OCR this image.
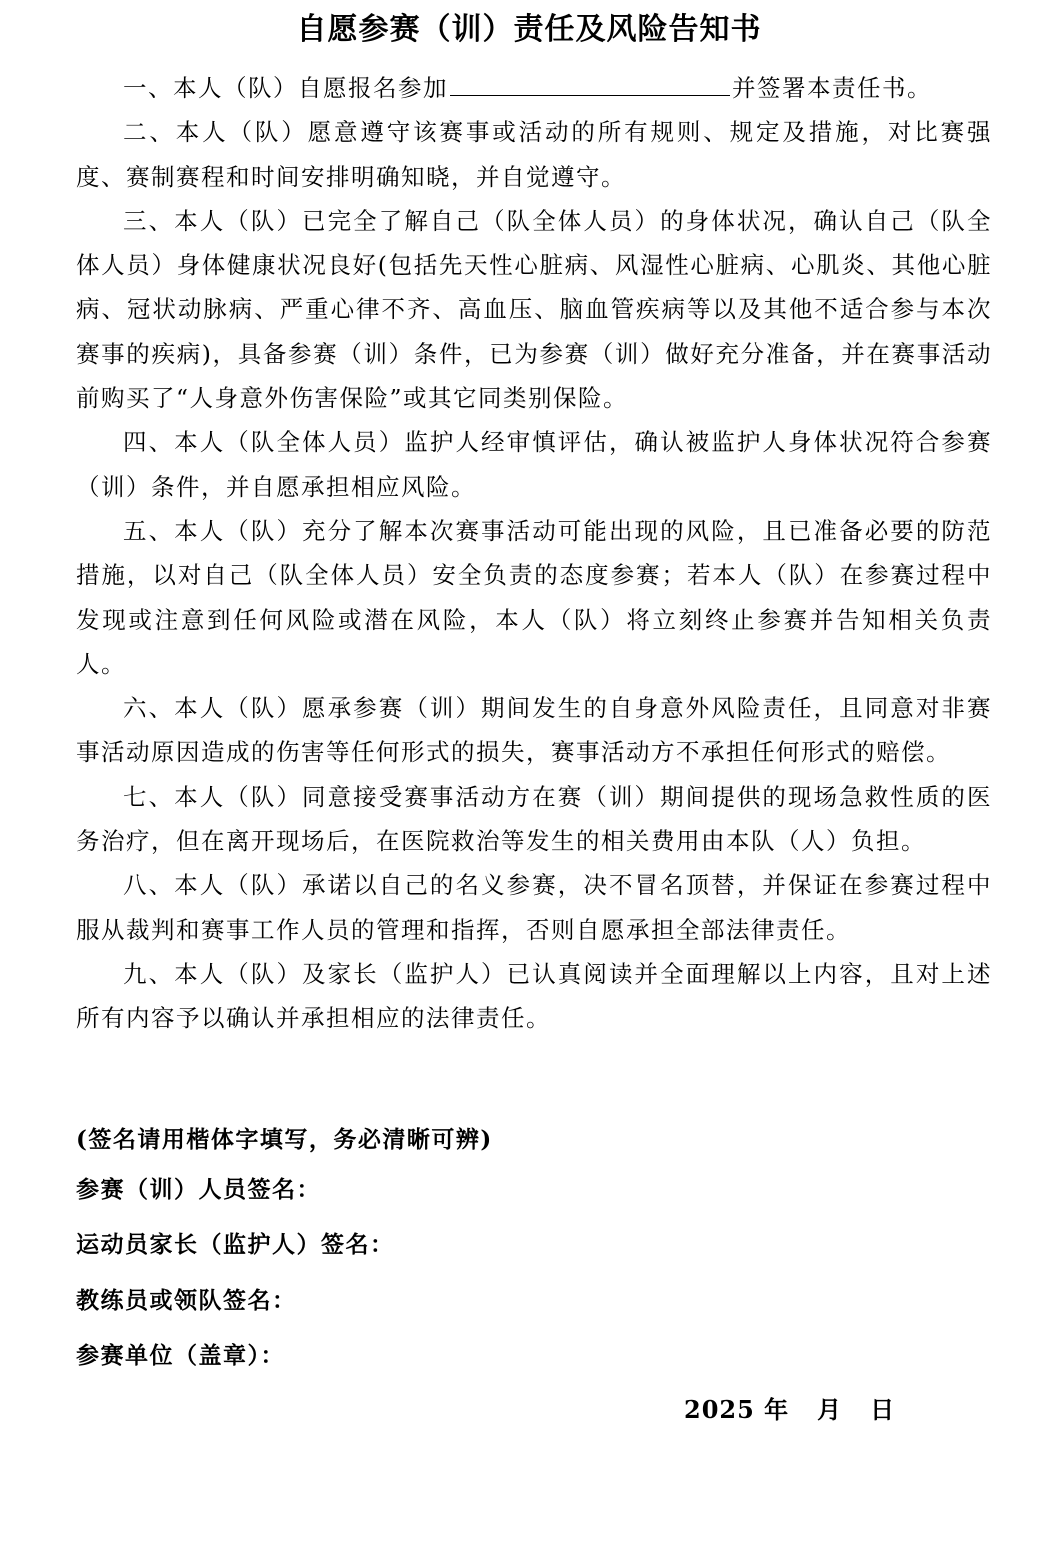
自愿参赛（训）责任及风险告知书

一、本人（队）自愿报名参加	并签署本责任书。

二、本人（队）愿意遵守该赛事或活动的所有规则、规定及措施，对比赛强度、赛制赛程和时间安排明确知晓，并自觉遵守。

三、本人（队）已完全了解自己（队全体人员）的身体状况，确认自己（队全体人员）身体健康状况良好(包括先天性心脏病、风湿性心脏病、心肌炎、其他心脏病、冠状动脉病、严重心律不齐、高血压、脑血管疾病等以及其他不适合参与本次赛事的疾病)，具备参赛（训）条件，已为参赛（训）做好充分准备，并在赛事活动前购买了“人身意外伤害保险”或其它同类别保险。

四、本人（队全体人员）监护人经审慎评估，确认被监护人身体状况符合参赛（训）条件，并自愿承担相应风险。

五、本人（队）充分了解本次赛事活动可能出现的风险，且已准备必要的防范措施，以对自己（队全体人员）安全负责的态度参赛；若本人（队）在参赛过程中发现或注意到任何风险或潜在风险，本人（队）将立刻终止参赛并告知相关负责人。

六、本人（队）愿承参赛（训）期间发生的自身意外风险责任，且同意对非赛事活动原因造成的伤害等任何形式的损失，赛事活动方不承担任何形式的赔偿。

七、本人（队）同意接受赛事活动方在赛（训）期间提供的现场急救性质的医务治疗，但在离开现场后，在医院救治等发生的相关费用由本队（人）负担。

八、本人（队）承诺以自己的名义参赛，决不冒名顶替，并保证在参赛过程中服从裁判和赛事工作人员的管理和指挥，否则自愿承担全部法律责任。

九、本人（队）及家长（监护人）已认真阅读并全面理解以上内容，且对上述所有内容予以确认并承担相应的法律责任。

(签名请用楷体字填写，务必清晰可辨)

参赛（训）人员签名：

运动员家长（监护人）签名：

教练员或领队签名：

参赛单位（盖章）：

2025 年 月 日
